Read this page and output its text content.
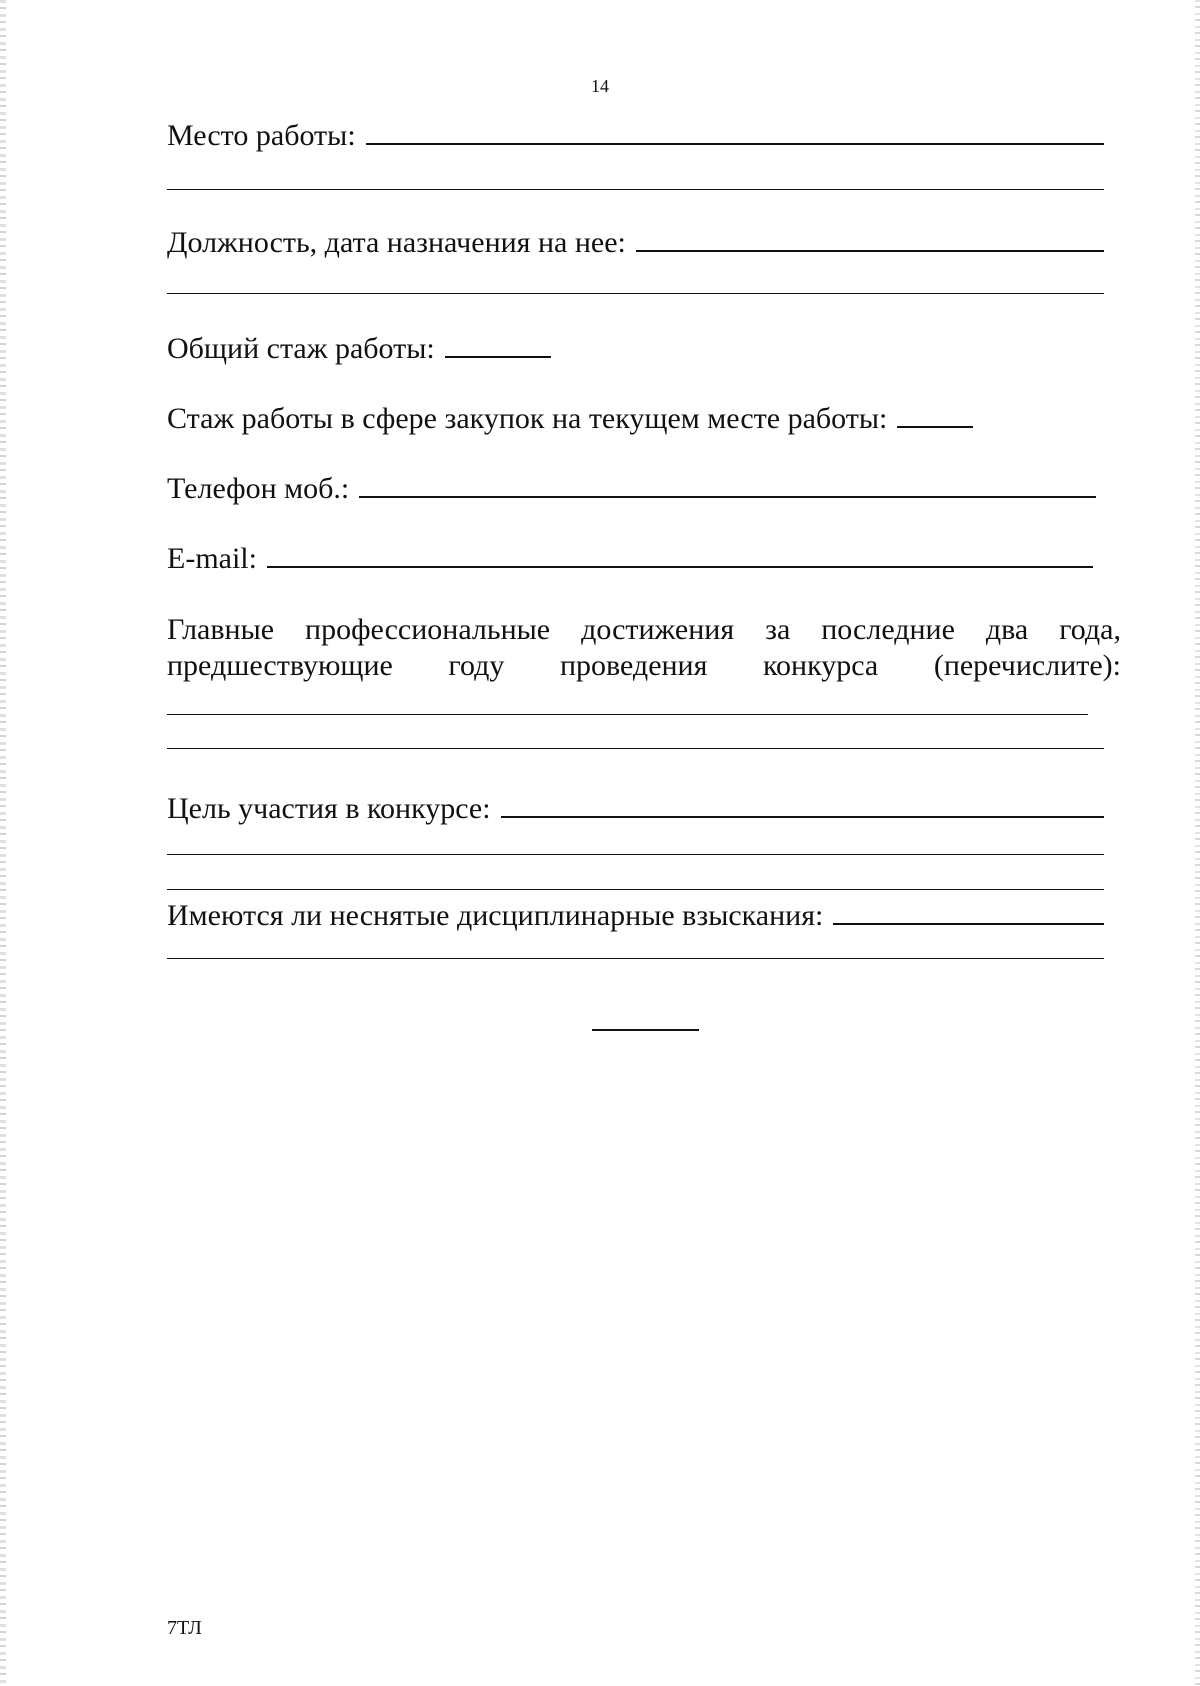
14
Место работы:
Должность, дата назначения на нее:
Общий стаж работы:
Стаж работы в сфере закупок на текущем месте работы:
Телефон моб.:
E-mail:
Главные профессиональные достижения за последние два года,
предшествующие году проведения конкурса (перечислите):
Цель участия в конкурсе:
Имеются ли неснятые дисциплинарные взыскания:
7ТЛ
